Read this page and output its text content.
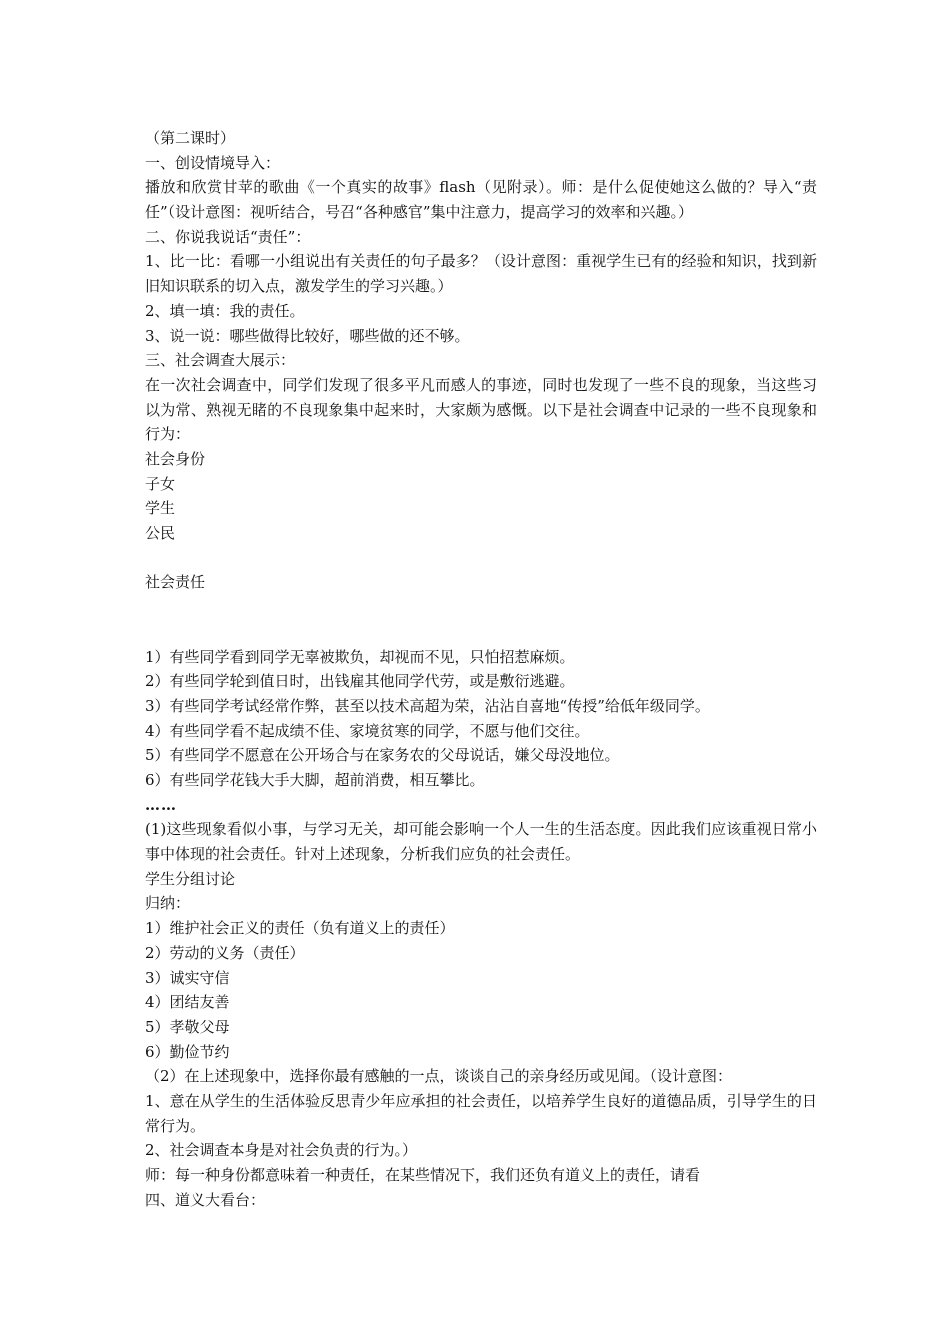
（第二课时）
一、创设情境导入：
播放和欣赏甘苹的歌曲《一个真实的故事》flash（见附录）。师：是什么促使她这么做的？导入“责任”（设计意图：视听结合，号召“各种感官”集中注意力，提高学习的效率和兴趣。）
二、你说我说话“责任”：
1、比一比：看哪一小组说出有关责任的句子最多？（设计意图：重视学生已有的经验和知识，找到新旧知识联系的切入点，激发学生的学习兴趣。）
2、填一填：我的责任。
3、说一说：哪些做得比较好，哪些做的还不够。
三、社会调查大展示：
在一次社会调查中，同学们发现了很多平凡而感人的事迹，同时也发现了一些不良的现象，当这些习以为常、熟视无睹的不良现象集中起来时，大家颇为感慨。以下是社会调查中记录的一些不良现象和行为：
社会身份
子女
学生
公民
社会责任
1）有些同学看到同学无辜被欺负，却视而不见，只怕招惹麻烦。
2）有些同学轮到值日时，出钱雇其他同学代劳，或是敷衍逃避。
3）有些同学考试经常作弊，甚至以技术高超为荣，沾沾自喜地“传授”给低年级同学。
4）有些同学看不起成绩不佳、家境贫寒的同学，不愿与他们交往。
5）有些同学不愿意在公开场合与在家务农的父母说话，嫌父母没地位。
6）有些同学花钱大手大脚，超前消费，相互攀比。
……
(1)这些现象看似小事，与学习无关，却可能会影响一个人一生的生活态度。因此我们应该重视日常小事中体现的社会责任。针对上述现象，分析我们应负的社会责任。
学生分组讨论
归纳：
1）维护社会正义的责任（负有道义上的责任）
2）劳动的义务（责任）
3）诚实守信
4）团结友善
5）孝敬父母
6）勤俭节约
（2）在上述现象中，选择你最有感触的一点，谈谈自己的亲身经历或见闻。（设计意图：
1、意在从学生的生活体验反思青少年应承担的社会责任，以培养学生良好的道德品质，引导学生的日常行为。
2、社会调查本身是对社会负责的行为。）
师：每一种身份都意味着一种责任，在某些情况下，我们还负有道义上的责任，请看
四、道义大看台：
